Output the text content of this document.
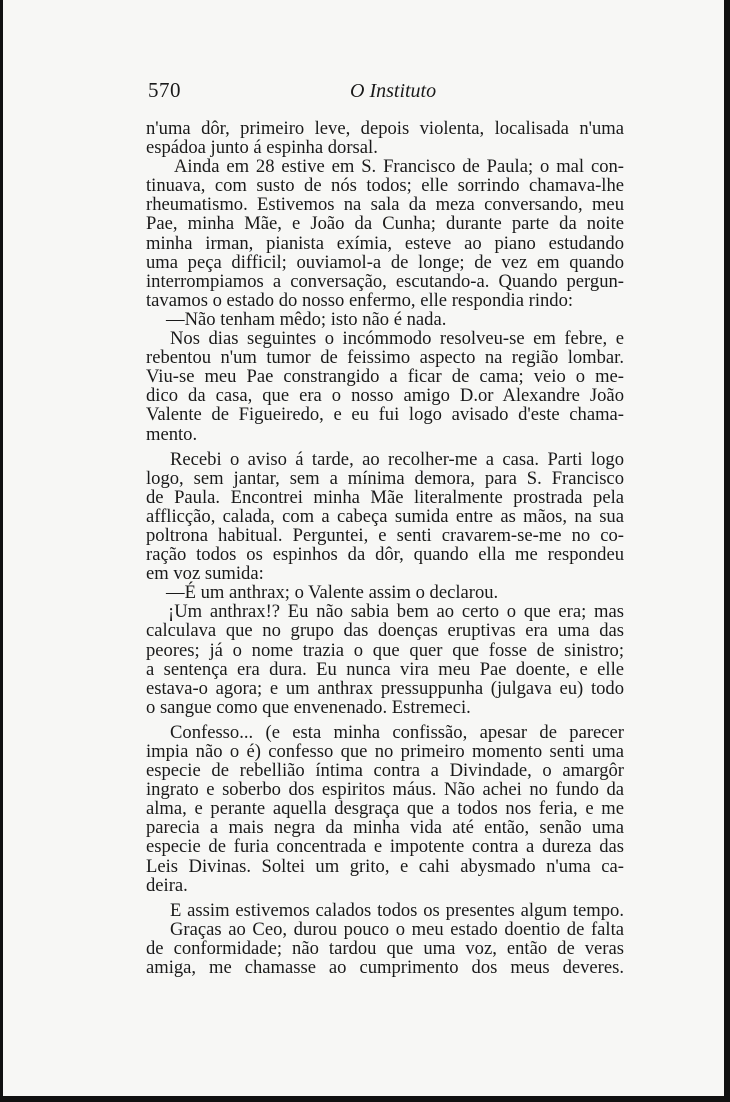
570	O Instituto
n'uma dôr, primeiro leve, depois violenta, localisada n'uma
espádoa junto á espinha dorsal.
Ainda em 28 estive em S. Francisco de Paula; o mal con-
tinuava, com susto de nós todos; elle sorrindo chamava-lhe
rheumatismo. Estivemos na sala da meza conversando, meu
Pae, minha Mãe, e João da Cunha; durante parte da noite
minha irman, pianista exímia, esteve ao piano estudando
uma peça difficil; ouviamol-a de longe; de vez em quando
interrompiamos a conversação, escutando-a. Quando pergun-
tavamos o estado do nosso enfermo, elle respondia rindo:
—Não tenham mêdo; isto não é nada.
Nos dias seguintes o incómmodo resolveu-se em febre, e
rebentou n'um tumor de feissimo aspecto na região lombar.
Viu-se meu Pae constrangido a ficar de cama; veio o me-
dico da casa, que era o nosso amigo D.or Alexandre João
Valente de Figueiredo, e eu fui logo avisado d'este chama-
mento.
Recebi o aviso á tarde, ao recolher-me a casa. Parti logo
logo, sem jantar, sem a mínima demora, para S. Francisco
de Paula. Encontrei minha Mãe literalmente prostrada pela
afflicção, calada, com a cabeça sumida entre as mãos, na sua
poltrona habitual. Perguntei, e senti cravarem-se-me no co-
ração todos os espinhos da dôr, quando ella me respondeu
em voz sumida:
—É um anthrax; o Valente assim o declarou.
¡Um anthrax!? Eu não sabia bem ao certo o que era; mas
calculava que no grupo das doenças eruptivas era uma das
peores; já o nome trazia o que quer que fosse de sinistro;
a sentença era dura. Eu nunca vira meu Pae doente, e elle
estava-o agora; e um anthrax pressuppunha (julgava eu) todo
o sangue como que envenenado. Estremeci.
Confesso... (e esta minha confissão, apesar de parecer
impia não o é) confesso que no primeiro momento senti uma
especie de rebellião íntima contra a Divindade, o amargôr
ingrato e soberbo dos espiritos máus. Não achei no fundo da
alma, e perante aquella desgraça que a todos nos feria, e me
parecia a mais negra da minha vida até então, senão uma
especie de furia concentrada e impotente contra a dureza das
Leis Divinas. Soltei um grito, e cahi abysmado n'uma ca-
deira.
E assim estivemos calados todos os presentes algum tempo.
Graças ao Ceo, durou pouco o meu estado doentio de falta
de conformidade; não tardou que uma voz, então de veras
amiga, me chamasse ao cumprimento dos meus deveres.
